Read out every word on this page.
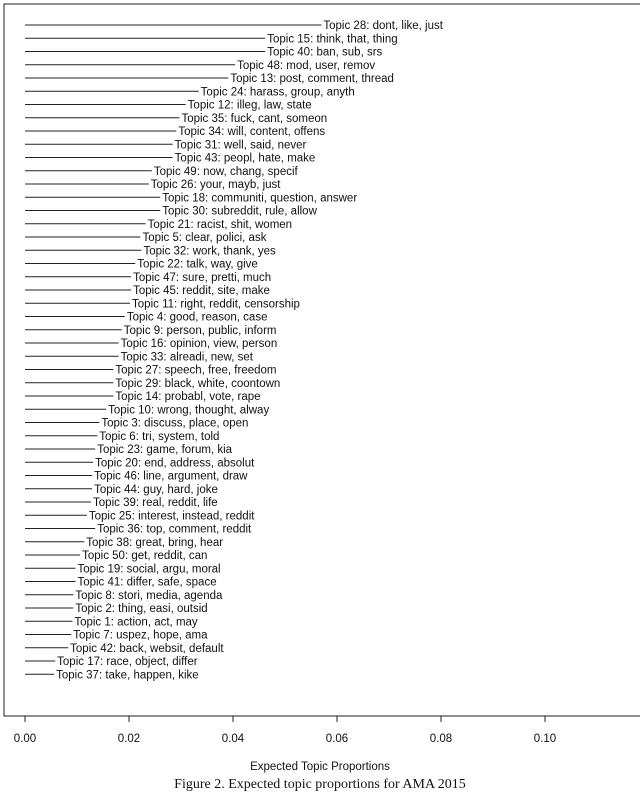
Topic 28: dont, like, just
Topic 15: think, that, thing
Topic 40: ban, sub, srs
Topic 48: mod, user, remov
Topic 13: post, comment, thread
Topic 24: harass, group, anyth
Topic 12: illeg, law, state
Topic 35: fuck, cant, someon
Topic 34: will, content, offens
Topic 31: well, said, never
Topic 43: peopl, hate, make
Topic 49: now, chang, specif
Topic 26: your, mayb, just
Topic 18: communiti, question, answer
Topic 30: subreddit, rule, allow
Topic 21: racist, shit, women
Topic 5: clear, polici, ask
Topic 32: work, thank, yes
Topic 22: talk, way, give
Topic 47: sure, pretti, much
Topic 45: reddit, site, make
Topic 11: right, reddit, censorship
Topic 4: good, reason, case
Topic 9: person, public, inform
Topic 16: opinion, view, person
Topic 33: alreadi, new, set
Topic 27: speech, free, freedom
Topic 29: black, white, coontown
Topic 14: probabl, vote, rape
Topic 10: wrong, thought, alway
Topic 3: discuss, place, open
Topic 6: tri, system, told
Topic 23: game, forum, kia
Topic 20: end, address, absolut
Topic 46: line, argument, draw
Topic 44: guy, hard, joke
Topic 39: real, reddit, life
Topic 25: interest, instead, reddit
Topic 36: top, comment, reddit
Topic 38: great, bring, hear
Topic 50: get, reddit, can
Topic 19: social, argu, moral
Topic 41: differ, safe, space
Topic 8: stori, media, agenda
Topic 2: thing, easi, outsid
Topic 1: action, act, may
Topic 7: uspez, hope, ama
Topic 42: back, websit, default
Topic 17: race, object, differ
Topic 37: take, happen, kike
0.00	0.02	0.04	0.06	0.08	0.10
Expected Topic Proportions
Figure 2. Expected topic proportions for AMA 2015
